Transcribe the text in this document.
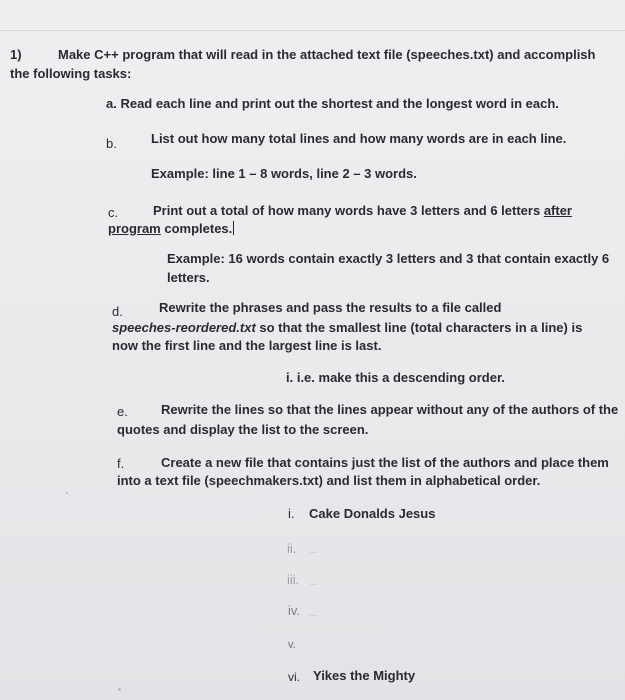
1)	Make C++ program that will read in the attached text file (speeches.txt) and accomplish
the following tasks:
a. Read each line and print out the shortest and the longest word in each.
b.	List out how many total lines and how many words are in each line.
Example: line 1 – 8 words, line 2 – 3 words.
c.	Print out a total of how many words have 3 letters and 6 letters after
program completes.
Example: 16 words contain exactly 3 letters and 3 that contain exactly 6
letters.
d.	Rewrite the phrases and pass the results to a file called
speeches-reordered.txt so that the smallest line (total characters in a line) is
now the first line and the largest line is last.
i. i.e. make this a descending order.
e.	Rewrite the lines so that the lines appear without any of the authors of the
quotes and display the list to the screen.
f.	Create a new file that contains just the list of the authors and place them
into a text file (speechmakers.txt) and list them in alphabetical order.
i. Cake Donalds Jesus
ii. ...
iii. ...
iv. ...
v.
vi. Yikes the Mighty
